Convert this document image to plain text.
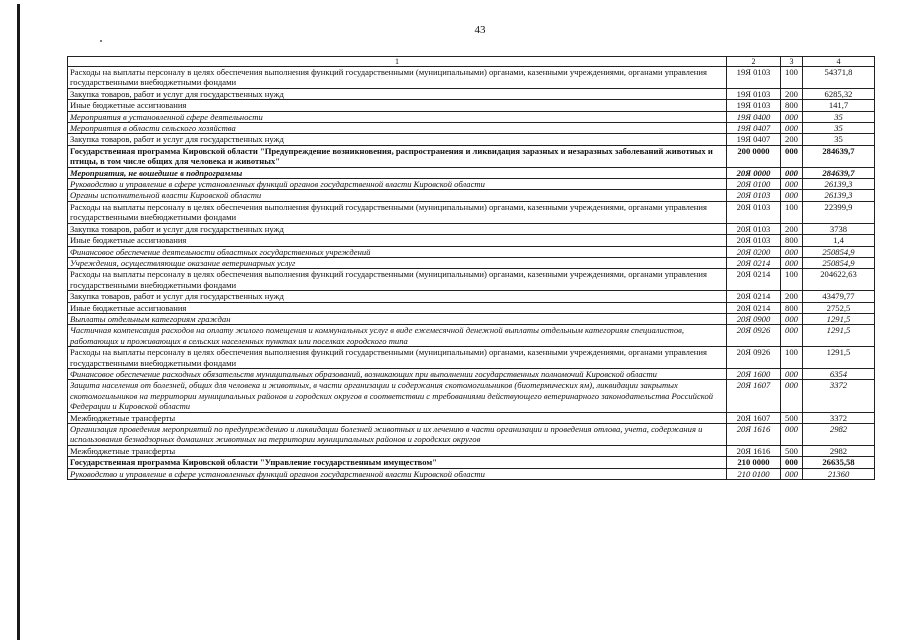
43
1	2	3	4
Расходы на выплаты персоналу в целях обеспечения выполнения функций государственными (муниципальными) органами, казенными учреждениями, органами управления государственными внебюджетными фондами	19Я 0103	100	54371,8
Закупка товаров, работ и услуг для государственных нужд	19Я 0103	200	6285,32
Иные бюджетные ассигнования	19Я 0103	800	141,7
Мероприятия в установленной сфере деятельности	19Я 0400	000	35
Мероприятия в области сельского хозяйства	19Я 0407	000	35
Закупка товаров, работ и услуг для государственных нужд	19Я 0407	200	35
Государственная программа Кировской области "Предупреждение возникновения, распространения и ликвидация заразных и незаразных заболеваний животных и птицы, в том числе общих для человека и животных"	200 0000	000	284639,7
Мероприятия, не вошедшие в подпрограммы	20Я 0000	000	284639,7
Руководство и управление в сфере установленных функций органов государственной власти Кировской области	20Я 0100	000	26139,3
Органы исполнительной власти Кировской области	20Я 0103	000	26139,3
Расходы на выплаты персоналу в целях обеспечения выполнения функций государственными (муниципальными) органами, казенными учреждениями, органами управления государственными внебюджетными фондами	20Я 0103	100	22399,9
Закупка товаров, работ и услуг для государственных нужд	20Я 0103	200	3738
Иные бюджетные ассигнования	20Я 0103	800	1,4
Финансовое обеспечение деятельности областных государственных учреждений	20Я 0200	000	250854,9
Учреждения, осуществляющие оказание ветеринарных услуг	20Я 0214	000	250854,9
Расходы на выплаты персоналу в целях обеспечения выполнения функций государственными (муниципальными) органами, казенными учреждениями, органами управления государственными внебюджетными фондами	20Я 0214	100	204622,63
Закупка товаров, работ и услуг для государственных нужд	20Я 0214	200	43479,77
Иные бюджетные ассигнования	20Я 0214	800	2752,5
Выплаты отдельным категориям граждан	20Я 0900	000	1291,5
Частичная компенсация расходов на оплату жилого помещения и коммунальных услуг в виде ежемесячной денежной выплаты отдельным категориям специалистов, работающих и проживающих в сельских населенных пунктах или поселках городского типа	20Я 0926	000	1291,5
Расходы на выплаты персоналу в целях обеспечения выполнения функций государственными (муниципальными) органами, казенными учреждениями, органами управления государственными внебюджетными фондами	20Я 0926	100	1291,5
Финансовое обеспечение расходных обязательств муниципальных образований, возникающих при выполнении государственных полномочий Кировской области	20Я 1600	000	6354
Защита населения от болезней, общих для человека и животных, в части организации и содержания скотомогильников (биотермических ям), ликвидации закрытых скотомогильников на территории муниципальных районов и городских округов в соответствии с требованиями действующего ветеринарного законодательства Российской Федерации и Кировской области	20Я 1607	000	3372
Межбюджетные трансферты	20Я 1607	500	3372
Организация проведения мероприятий по предупреждению и ликвидации болезней животных и их лечению в части организации и проведения отлова, учета, содержания и использования безнадзорных домашних животных на территории муниципальных районов и городских округов	20Я 1616	000	2982
Межбюджетные трансферты	20Я 1616	500	2982
Государственная программа Кировской области "Управление государственным имуществом"	210 0000	000	26635,58
Руководство и управление в сфере установленных функций органов государственной власти Кировской области	210 0100	000	21360
